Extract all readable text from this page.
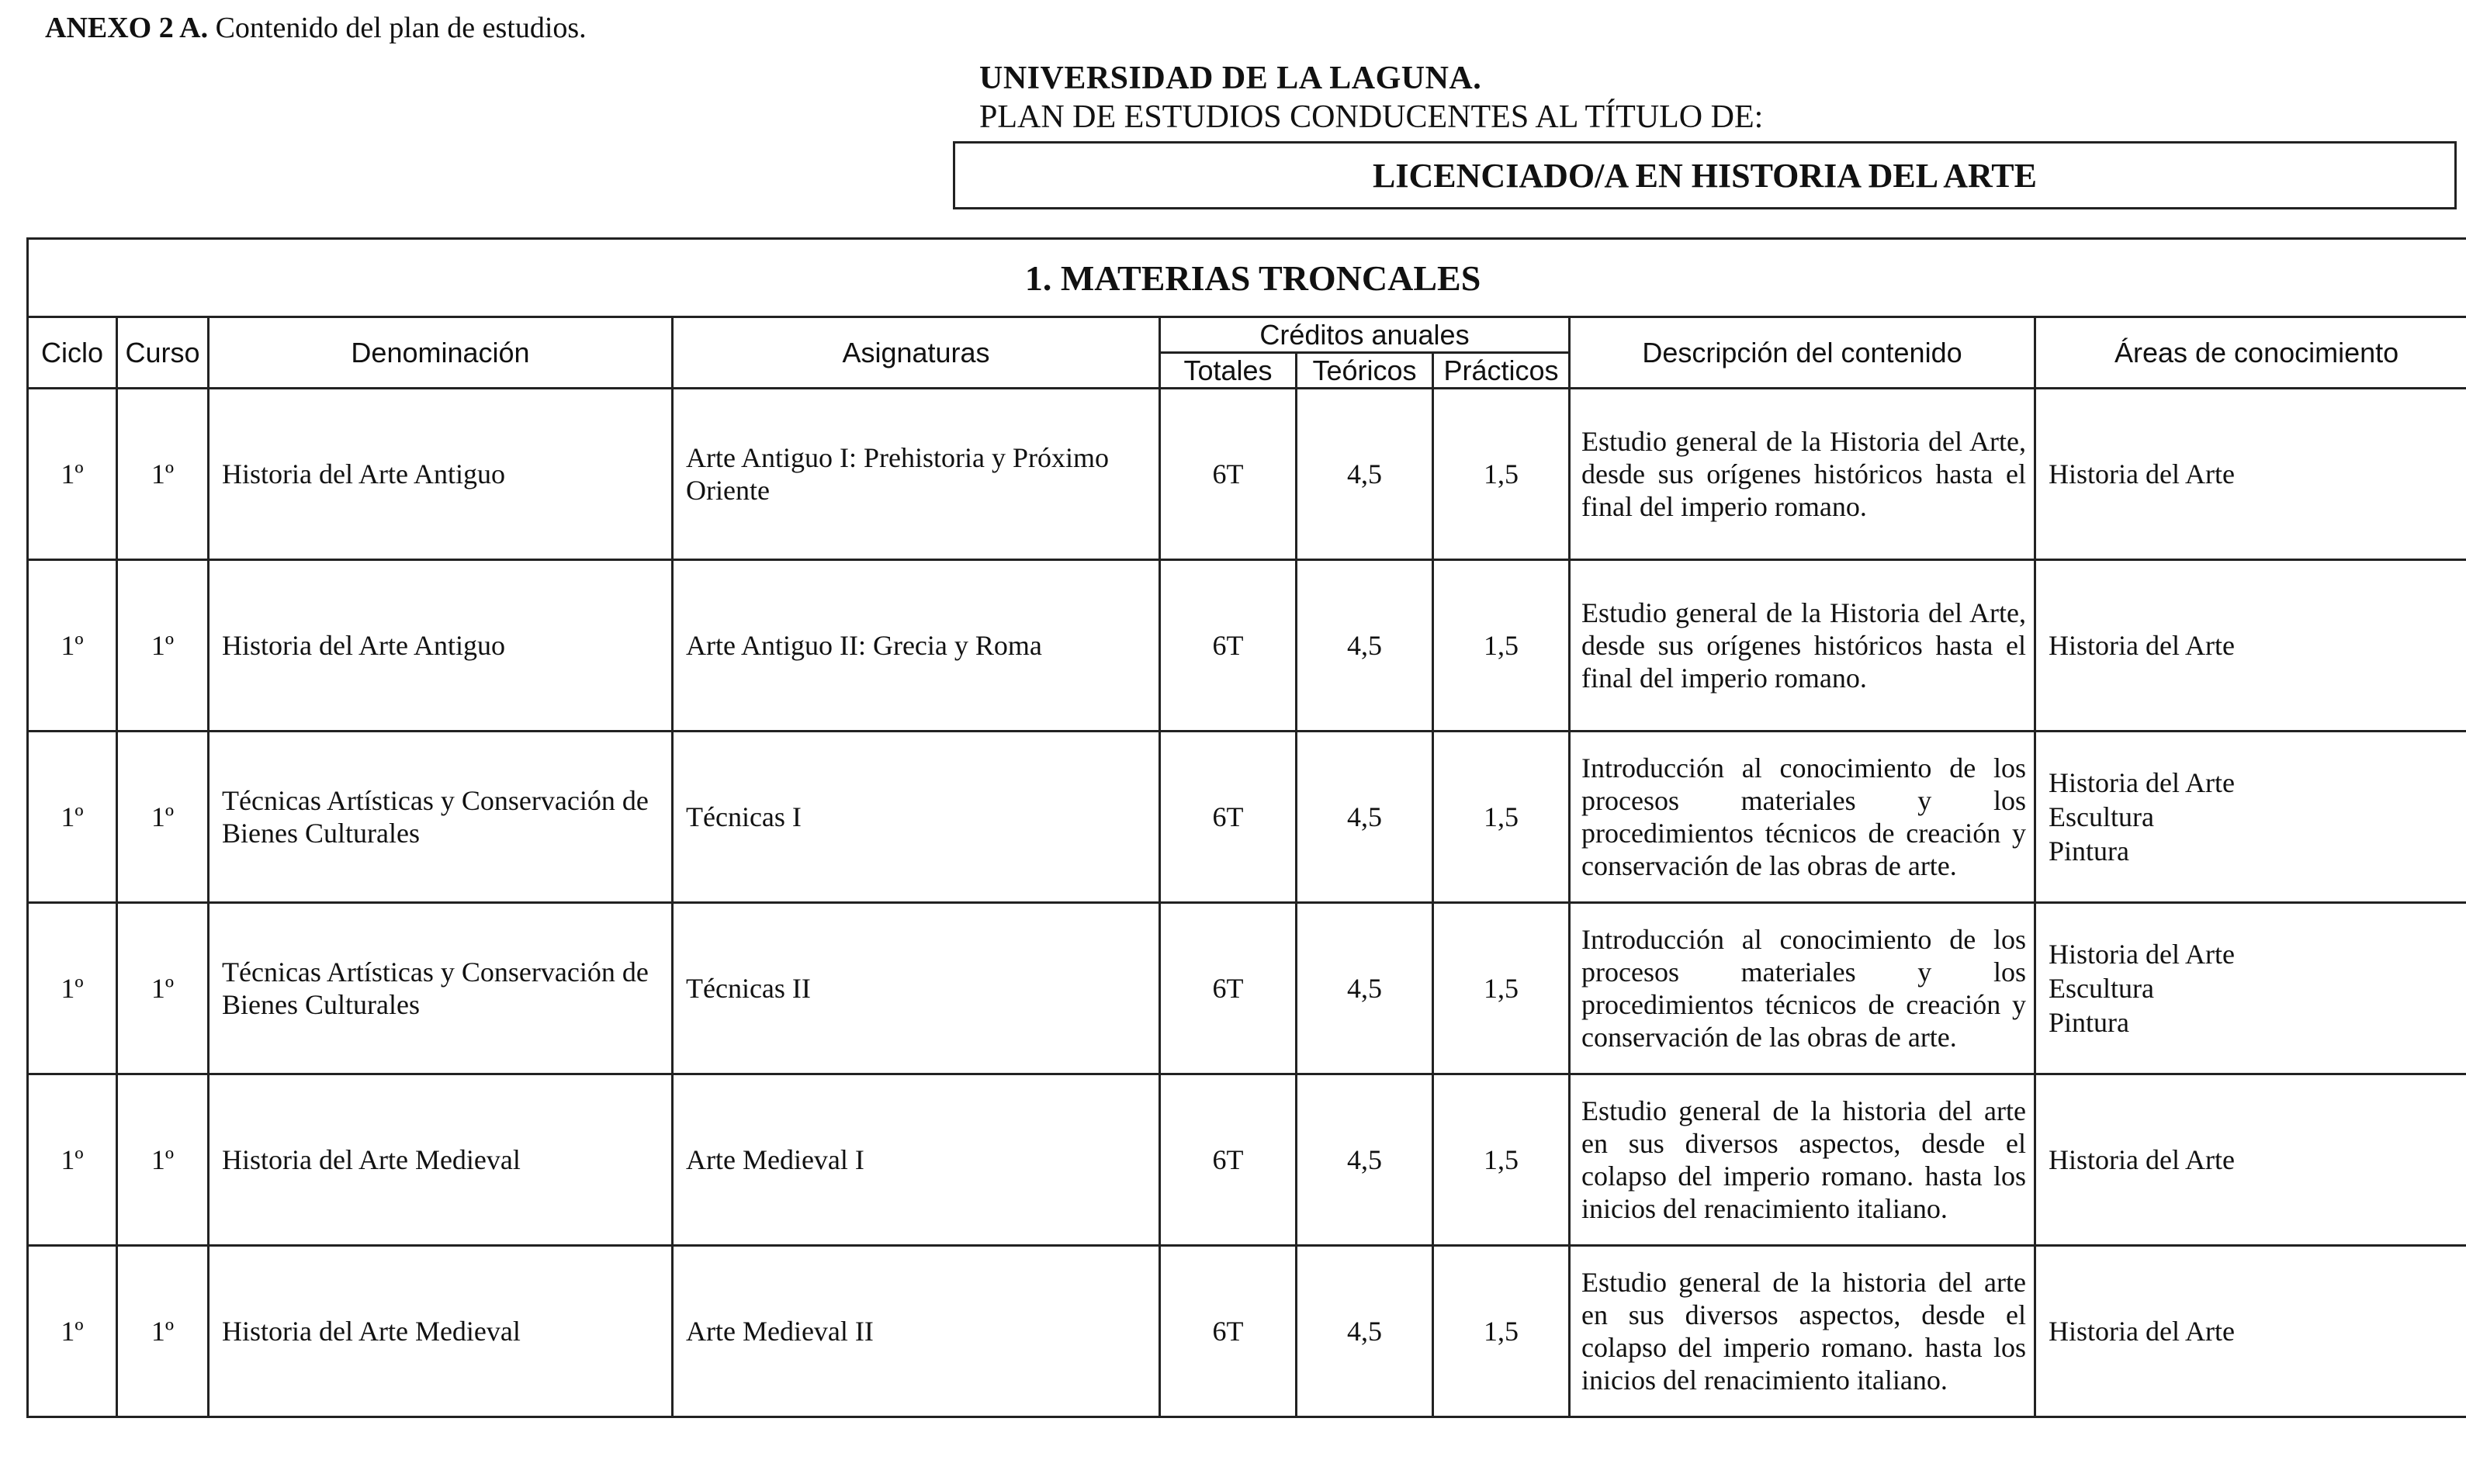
ANEXO 2 A. Contenido del plan de estudios.
UNIVERSIDAD DE LA LAGUNA.
PLAN DE ESTUDIOS CONDUCENTES AL TÍTULO DE:
LICENCIADO/A EN HISTORIA DEL ARTE
1. MATERIAS TRONCALES								
Ciclo	Curso	Denominación	Asignaturas	Créditos anuales			Descripción del contenido	Áreas de conocimiento
				Totales	Teóricos	Prácticos		
1º	1º	Historia del Arte Antiguo	Arte Antiguo I: Prehistoria y Próximo Oriente	6T	4,5	1,5	Estudio general de la Historia del Arte, desde sus orígenes históricos hasta el final del imperio romano.	Historia del Arte

1º	1º	Historia del Arte Antiguo	Arte Antiguo II: Grecia y Roma	6T	4,5	1,5	Estudio general de la Historia del Arte, desde sus orígenes históricos hasta el final del imperio romano.	Historia del Arte

1º	1º	Técnicas Artísticas y Conservación de Bienes Culturales	Técnicas I	6T	4,5	1,5	Introducción al conocimiento de los procesos materiales y los procedimientos técnicos de creación y conservación de las obras de arte.	Historia del Arte
Escultura
Pintura

1º	1º	Técnicas Artísticas y Conservación de Bienes Culturales	Técnicas II	6T	4,5	1,5	Introducción al conocimiento de los procesos materiales y los procedimientos técnicos de creación y conservación de las obras de arte.	Historia del Arte
Escultura
Pintura

1º	1º	Historia del Arte Medieval	Arte Medieval I	6T	4,5	1,5	Estudio general de la historia del arte en sus diversos aspectos, desde el colapso del imperio romano. hasta los inicios del renacimiento italiano.	Historia del Arte

1º	1º	Historia del Arte Medieval	Arte Medieval II	6T	4,5	1,5	Estudio general de la historia del arte en sus diversos aspectos, desde el colapso del imperio romano. hasta los inicios del renacimiento italiano.	Historia del Arte
